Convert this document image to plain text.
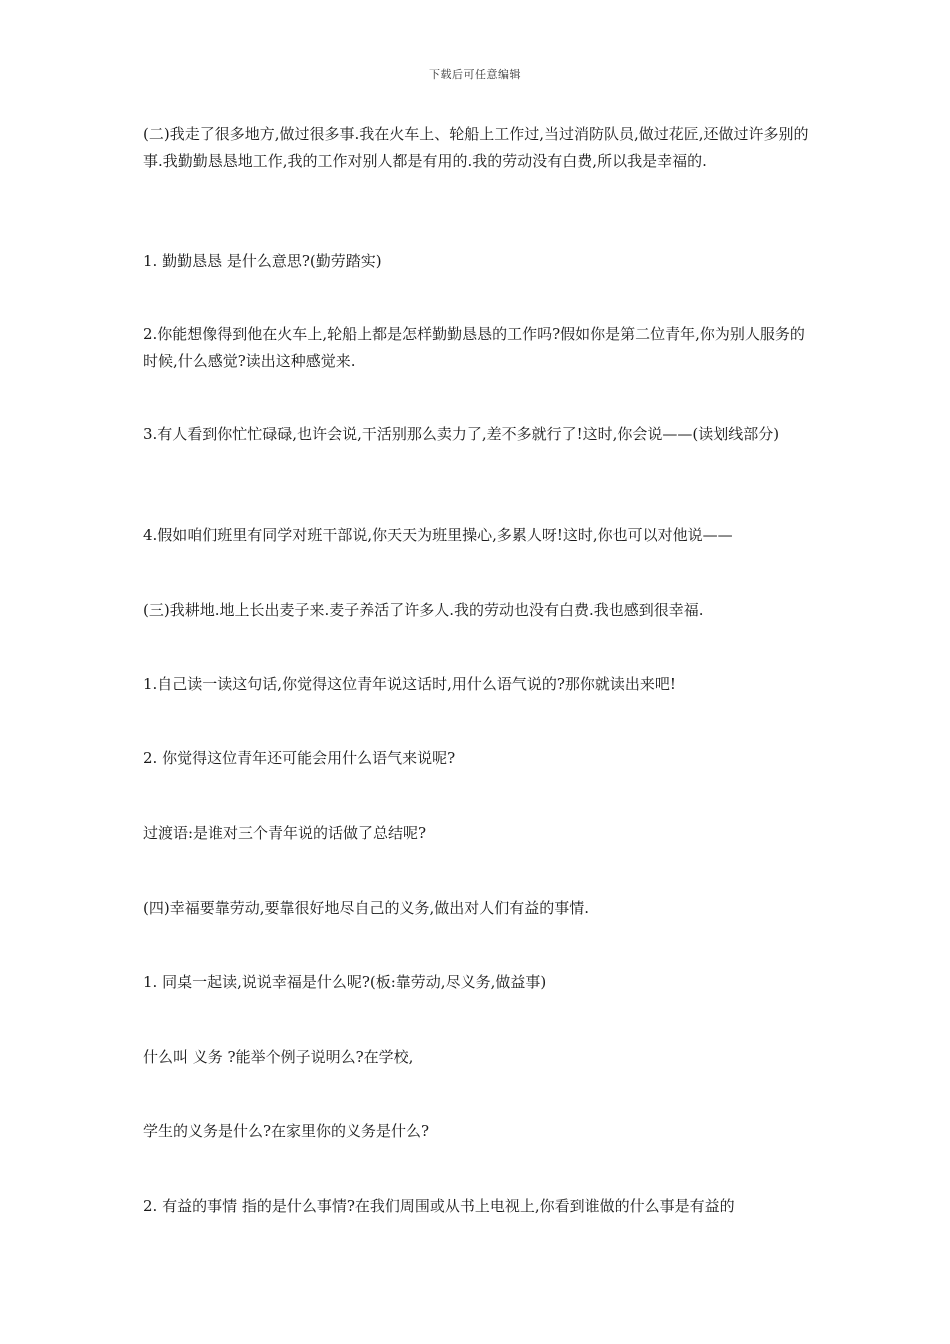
下载后可任意编辑

(二)我走了很多地方,做过很多事.我在火车上、轮船上工作过,当过消防队员,做过花匠,还做过许多别的事.我勤勤恳恳地工作,我的工作对别人都是有用的.我的劳动没有白费,所以我是幸福的.

1. 勤勤恳恳 是什么意思?(勤劳踏实)

2.你能想像得到他在火车上,轮船上都是怎样勤勤恳恳的工作吗?假如你是第二位青年,你为别人服务的时候,什么感觉?读出这种感觉来.

3.有人看到你忙忙碌碌,也许会说,干活别那么卖力了,差不多就行了!这时,你会说——(读划线部分)

4.假如咱们班里有同学对班干部说,你天天为班里操心,多累人呀!这时,你也可以对他说——

(三)我耕地.地上长出麦子来.麦子养活了许多人.我的劳动也没有白费.我也感到很幸福.

1.自己读一读这句话,你觉得这位青年说这话时,用什么语气说的?那你就读出来吧!

2. 你觉得这位青年还可能会用什么语气来说呢?

过渡语:是谁对三个青年说的话做了总结呢?

(四)幸福要靠劳动,要靠很好地尽自己的义务,做出对人们有益的事情.

1. 同桌一起读,说说幸福是什么呢?(板:靠劳动,尽义务,做益事)

什么叫 义务 ?能举个例子说明么?在学校,

学生的义务是什么?在家里你的义务是什么?

2. 有益的事情 指的是什么事情?在我们周围或从书上电视上,你看到谁做的什么事是有益的
